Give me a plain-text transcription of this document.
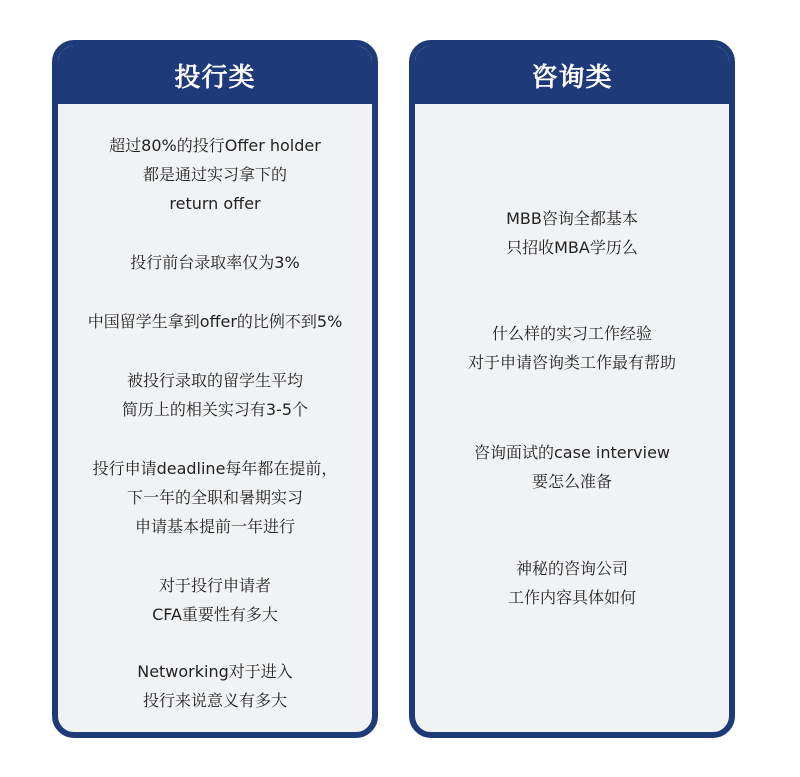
投行类
超过80%的投行Offer holder
都是通过实习拿下的
return offer
投行前台录取率仅为3%
中国留学生拿到offer的比例不到5%
被投行录取的留学生平均
简历上的相关实习有3-5个
投行申请deadline每年都在提前，
下一年的全职和暑期实习
申请基本提前一年进行
对于投行申请者
CFA重要性有多大
Networking对于进入
投行来说意义有多大
咨询类
MBB咨询全都基本
只招收MBA学历么
什么样的实习工作经验
对于申请咨询类工作最有帮助
咨询面试的case interview
要怎么准备
神秘的咨询公司
工作内容具体如何
